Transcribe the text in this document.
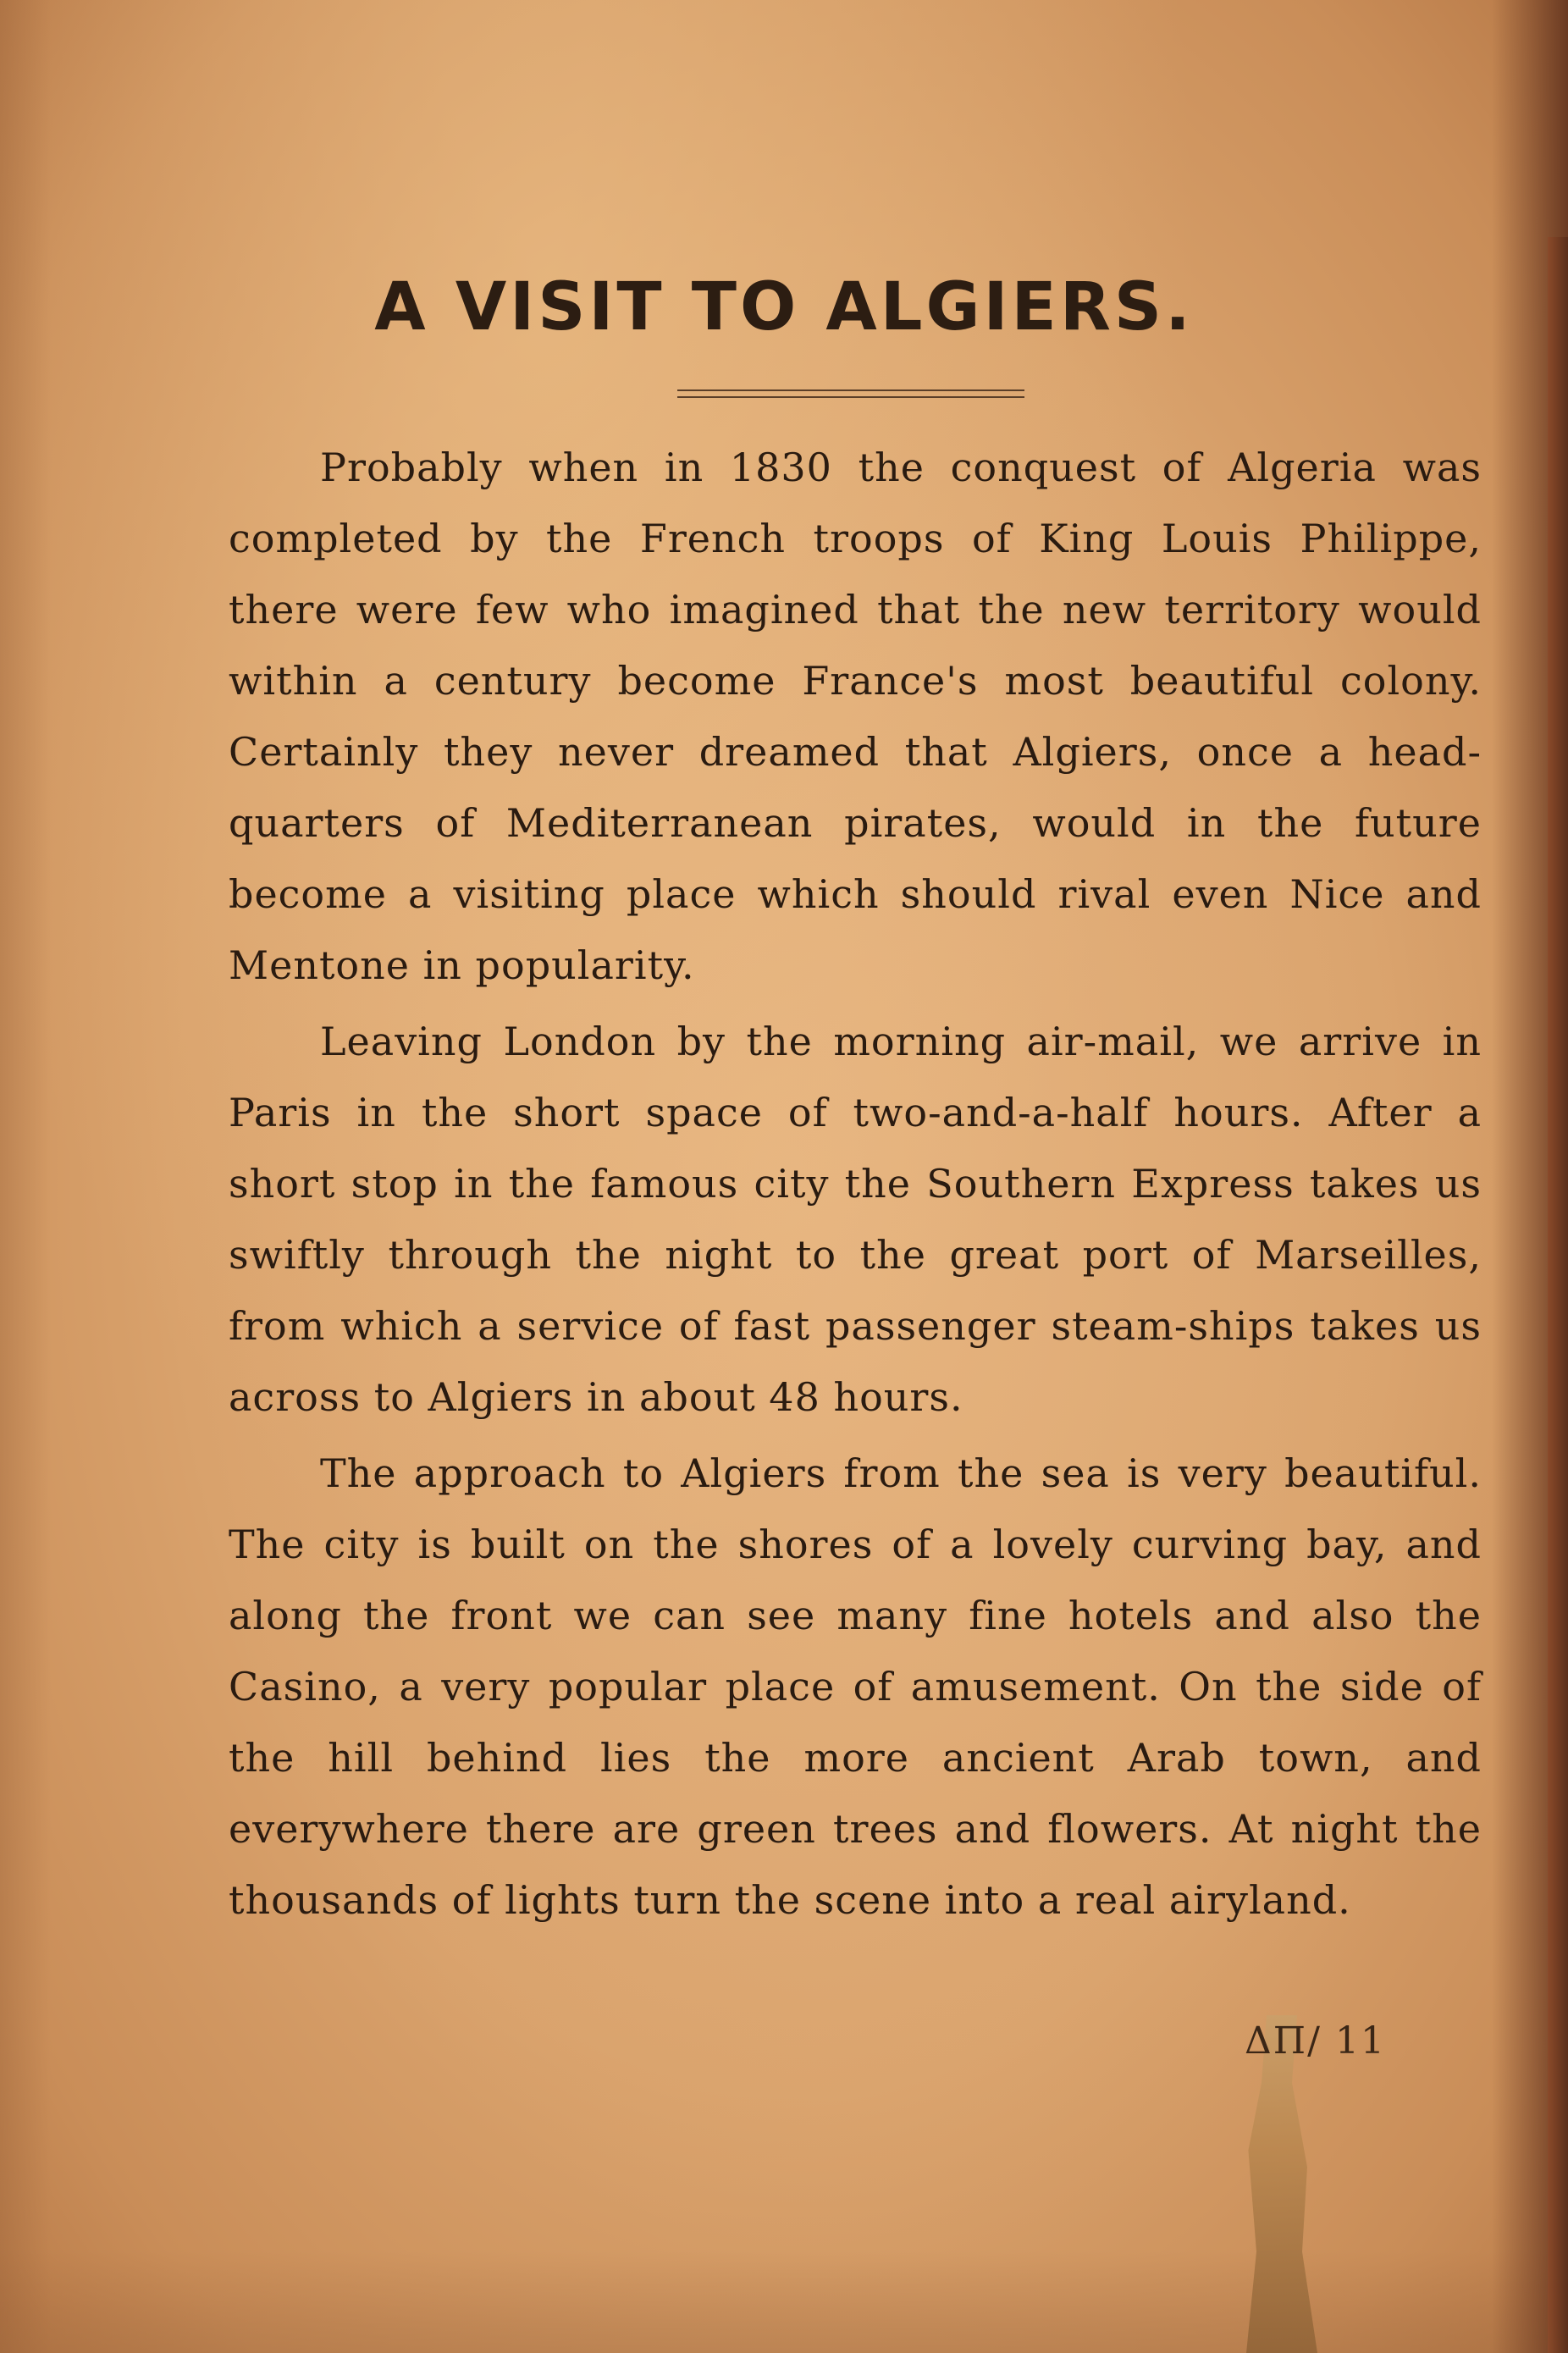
A VISIT TO ALGIERS.

Probably when in 1830 the conquest of Algeria was completed by the French troops of King Louis Philippe, there were few who imagined that the new territory would within a century become France's most beautiful colony. Certainly they never dreamed that Algiers, once a head-quarters of Mediterranean pirates, would in the future become a visiting place which should rival even Nice and Mentone in popularity.

Leaving London by the morning air-mail, we arrive in Paris in the short space of two-and-a-half hours. After a short stop in the famous city the Southern Express takes us swiftly through the night to the great port of Marseilles, from which a service of fast passenger steam-ships takes us across to Algiers in about 48 hours.

The approach to Algiers from the sea is very beautiful. The city is built on the shores of a lovely curving bay, and along the front we can see many fine hotels and also the Casino, a very popular place of amusement. On the side of the hill behind lies the more ancient Arab town, and everywhere there are green trees and flowers. At night the thousands of lights turn the scene into a real airyland.

ΔΠ/ 11
